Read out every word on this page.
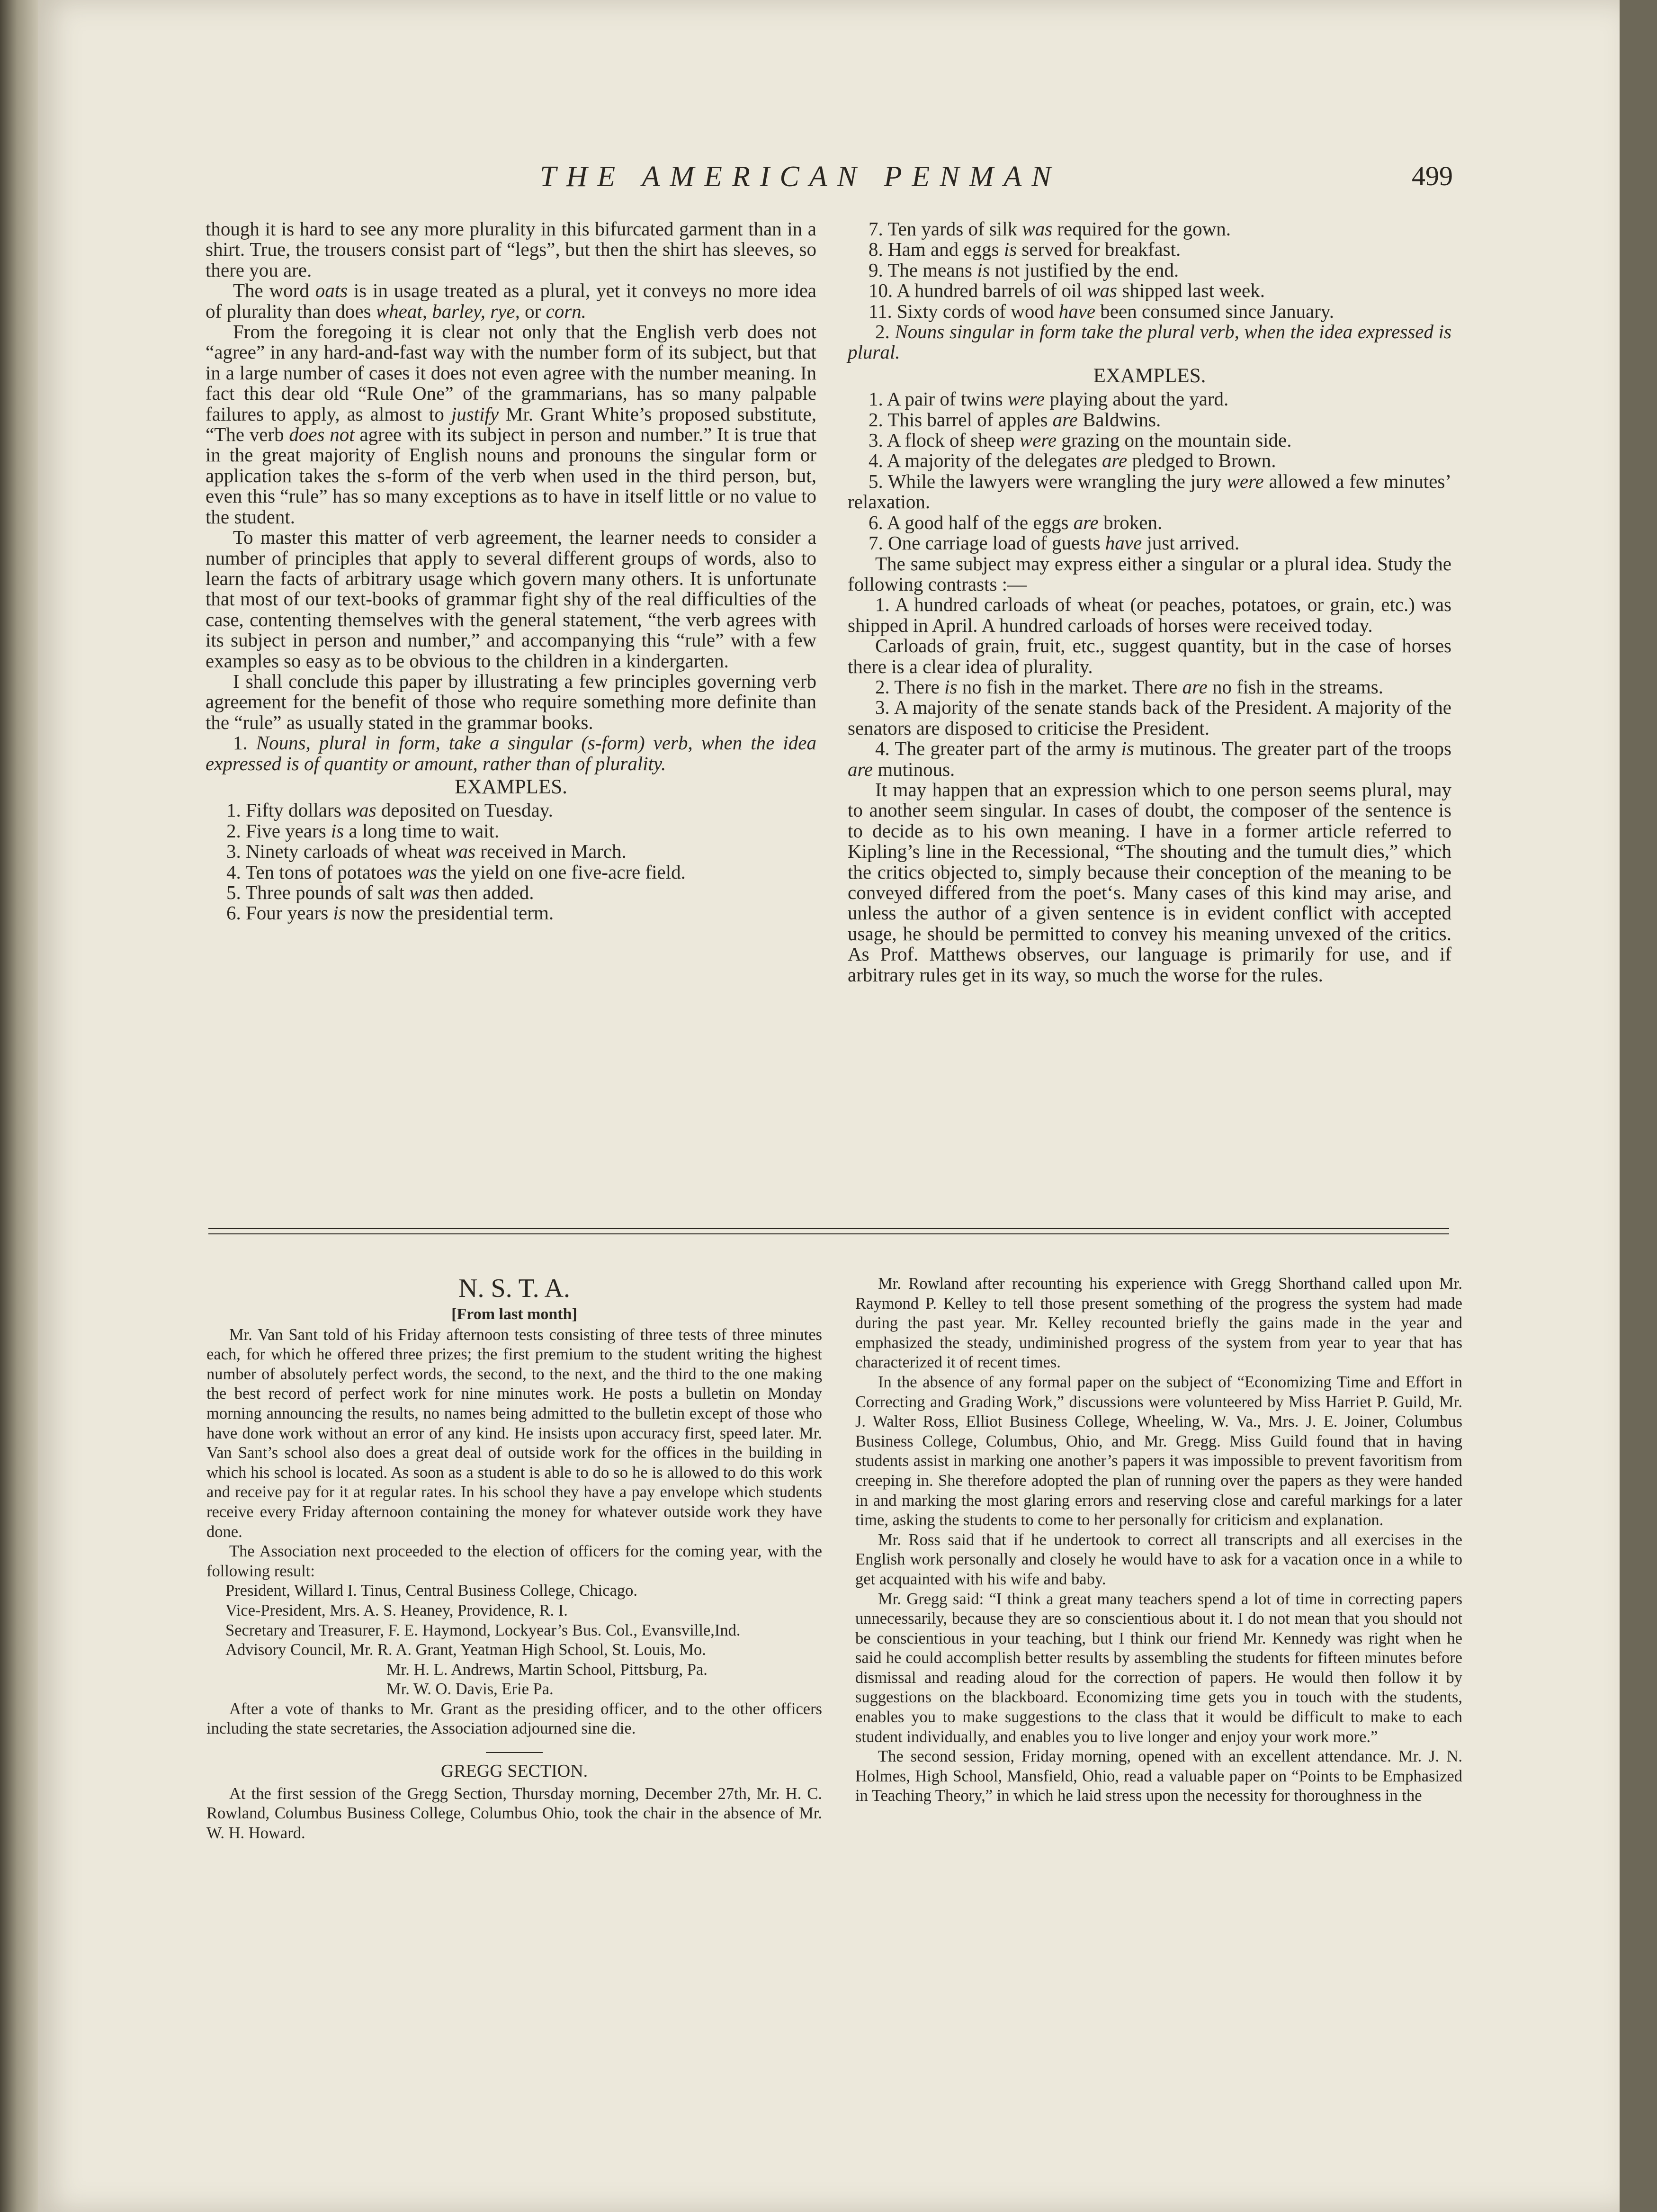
THE AMERICAN PENMAN	499

though it is hard to see any more plurality in this bifurcated garment than in a shirt. True, the trousers consist part of “legs”, but then the shirt has sleeves, so there you are.

The word oats is in usage treated as a plural, yet it conveys no more idea of plurality than does wheat, barley, rye, or corn.

From the foregoing it is clear not only that the English verb does not “agree” in any hard-and-fast way with the number form of its subject, but that in a large number of cases it does not even agree with the number meaning. In fact this dear old “Rule One” of the grammarians, has so many palpable failures to apply, as almost to justify Mr. Grant White’s proposed substitute, “The verb does not agree with its subject in person and number.” It is true that in the great majority of English nouns and pronouns the singular form or application takes the s-form of the verb when used in the third person, but, even this “rule” has so many exceptions as to have in itself little or no value to the student.

To master this matter of verb agreement, the learner needs to consider a number of principles that apply to several different groups of words, also to learn the facts of arbitrary usage which govern many others. It is unfortunate that most of our text-books of grammar fight shy of the real difficulties of the case, contenting themselves with the general statement, “the verb agrees with its subject in person and number,” and accompanying this “rule” with a few examples so easy as to be obvious to the children in a kindergarten.

I shall conclude this paper by illustrating a few principles governing verb agreement for the benefit of those who require something more definite than the “rule” as usually stated in the grammar books.

1. Nouns, plural in form, take a singular (s-form) verb, when the idea expressed is of quantity or amount, rather than of plurality.

EXAMPLES.

1. Fifty dollars was deposited on Tuesday.

2. Five years is a long time to wait.

3. Ninety carloads of wheat was received in March.

4. Ten tons of potatoes was the yield on one five-acre field.

5. Three pounds of salt was then added.

6. Four years is now the presidential term.

7. Ten yards of silk was required for the gown.

8. Ham and eggs is served for breakfast.

9. The means is not justified by the end.

10. A hundred barrels of oil was shipped last week.

11. Sixty cords of wood have been consumed since January.

2. Nouns singular in form take the plural verb, when the idea expressed is plural.

EXAMPLES.

1. A pair of twins were playing about the yard.

2. This barrel of apples are Baldwins.

3. A flock of sheep were grazing on the mountain side.

4. A majority of the delegates are pledged to Brown.

5. While the lawyers were wrangling the jury were allowed a few minutes’ relaxation.

6. A good half of the eggs are broken.

7. One carriage load of guests have just arrived.

The same subject may express either a singular or a plural idea. Study the following contrasts :—

1. A hundred carloads of wheat (or peaches, potatoes, or grain, etc.) was shipped in April. A hundred carloads of horses were received today.

Carloads of grain, fruit, etc., suggest quantity, but in the case of horses there is a clear idea of plurality.

2. There is no fish in the market. There are no fish in the streams.

3. A majority of the senate stands back of the President. A majority of the senators are disposed to criticise the President.

4. The greater part of the army is mutinous. The greater part of the troops are mutinous.

It may happen that an expression which to one person seems plural, may to another seem singular. In cases of doubt, the composer of the sentence is to decide as to his own meaning. I have in a former article referred to Kipling’s line in the Recessional, “The shouting and the tumult dies,” which the critics objected to, simply because their conception of the meaning to be conveyed differed from the poet‘s. Many cases of this kind may arise, and unless the author of a given sentence is in evident conflict with accepted usage, he should be permitted to convey his meaning unvexed of the critics. As Prof. Matthews observes, our language is primarily for use, and if arbitrary rules get in its way, so much the worse for the rules.

N. S. T. A.

[From last month]

Mr. Van Sant told of his Friday afternoon tests consisting of three tests of three minutes each, for which he offered three prizes; the first premium to the student writing the highest number of absolutely perfect words, the second, to the next, and the third to the one making the best record of perfect work for nine minutes work. He posts a bulletin on Monday morning announcing the results, no names being admitted to the bulletin except of those who have done work without an error of any kind. He insists upon accuracy first, speed later. Mr. Van Sant’s school also does a great deal of outside work for the offices in the building in which his school is located. As soon as a student is able to do so he is allowed to do this work and receive pay for it at regular rates. In his school they have a pay envelope which students receive every Friday afternoon containing the money for whatever outside work they have done.

The Association next proceeded to the election of officers for the coming year, with the following result:

President, Willard I. Tinus, Central Business College, Chicago.

Vice-President, Mrs. A. S. Heaney, Providence, R. I.

Secretary and Treasurer, F. E. Haymond, Lockyear’s Bus. Col., Evansville,Ind.

Advisory Council, Mr. R. A. Grant, Yeatman High School, St. Louis, Mo.

Mr. H. L. Andrews, Martin School, Pittsburg, Pa.

Mr. W. O. Davis, Erie Pa.

After a vote of thanks to Mr. Grant as the presiding officer, and to the other officers including the state secretaries, the Association adjourned sine die.

GREGG SECTION.

At the first session of the Gregg Section, Thursday morning, December 27th, Mr. H. C. Rowland, Columbus Business College, Columbus Ohio, took the chair in the absence of Mr. W. H. Howard.

Mr. Rowland after recounting his experience with Gregg Shorthand called upon Mr. Raymond P. Kelley to tell those present something of the progress the system had made during the past year. Mr. Kelley recounted briefly the gains made in the year and emphasized the steady, undiminished progress of the system from year to year that has characterized it of recent times.

In the absence of any formal paper on the subject of “Economizing Time and Effort in Correcting and Grading Work,” discussions were volunteered by Miss Harriet P. Guild, Mr. J. Walter Ross, Elliot Business College, Wheeling, W. Va., Mrs. J. E. Joiner, Columbus Business College, Columbus, Ohio, and Mr. Gregg. Miss Guild found that in having students assist in marking one another’s papers it was impossible to prevent favoritism from creeping in. She therefore adopted the plan of running over the papers as they were handed in and marking the most glaring errors and reserving close and careful markings for a later time, asking the students to come to her personally for criticism and explanation.

Mr. Ross said that if he undertook to correct all transcripts and all exercises in the English work personally and closely he would have to ask for a vacation once in a while to get acquainted with his wife and baby.

Mr. Gregg said: “I think a great many teachers spend a lot of time in correcting papers unnecessarily, because they are so conscientious about it. I do not mean that you should not be conscientious in your teaching, but I think our friend Mr. Kennedy was right when he said he could accomplish better results by assembling the students for fifteen minutes before dismissal and reading aloud for the correction of papers. He would then follow it by suggestions on the blackboard. Economizing time gets you in touch with the students, enables you to make suggestions to the class that it would be difficult to make to each student individually, and enables you to live longer and enjoy your work more.”

The second session, Friday morning, opened with an excellent attendance. Mr. J. N. Holmes, High School, Mansfield, Ohio, read a valuable paper on “Points to be Emphasized in Teaching Theory,” in which he laid stress upon the necessity for thoroughness in the
